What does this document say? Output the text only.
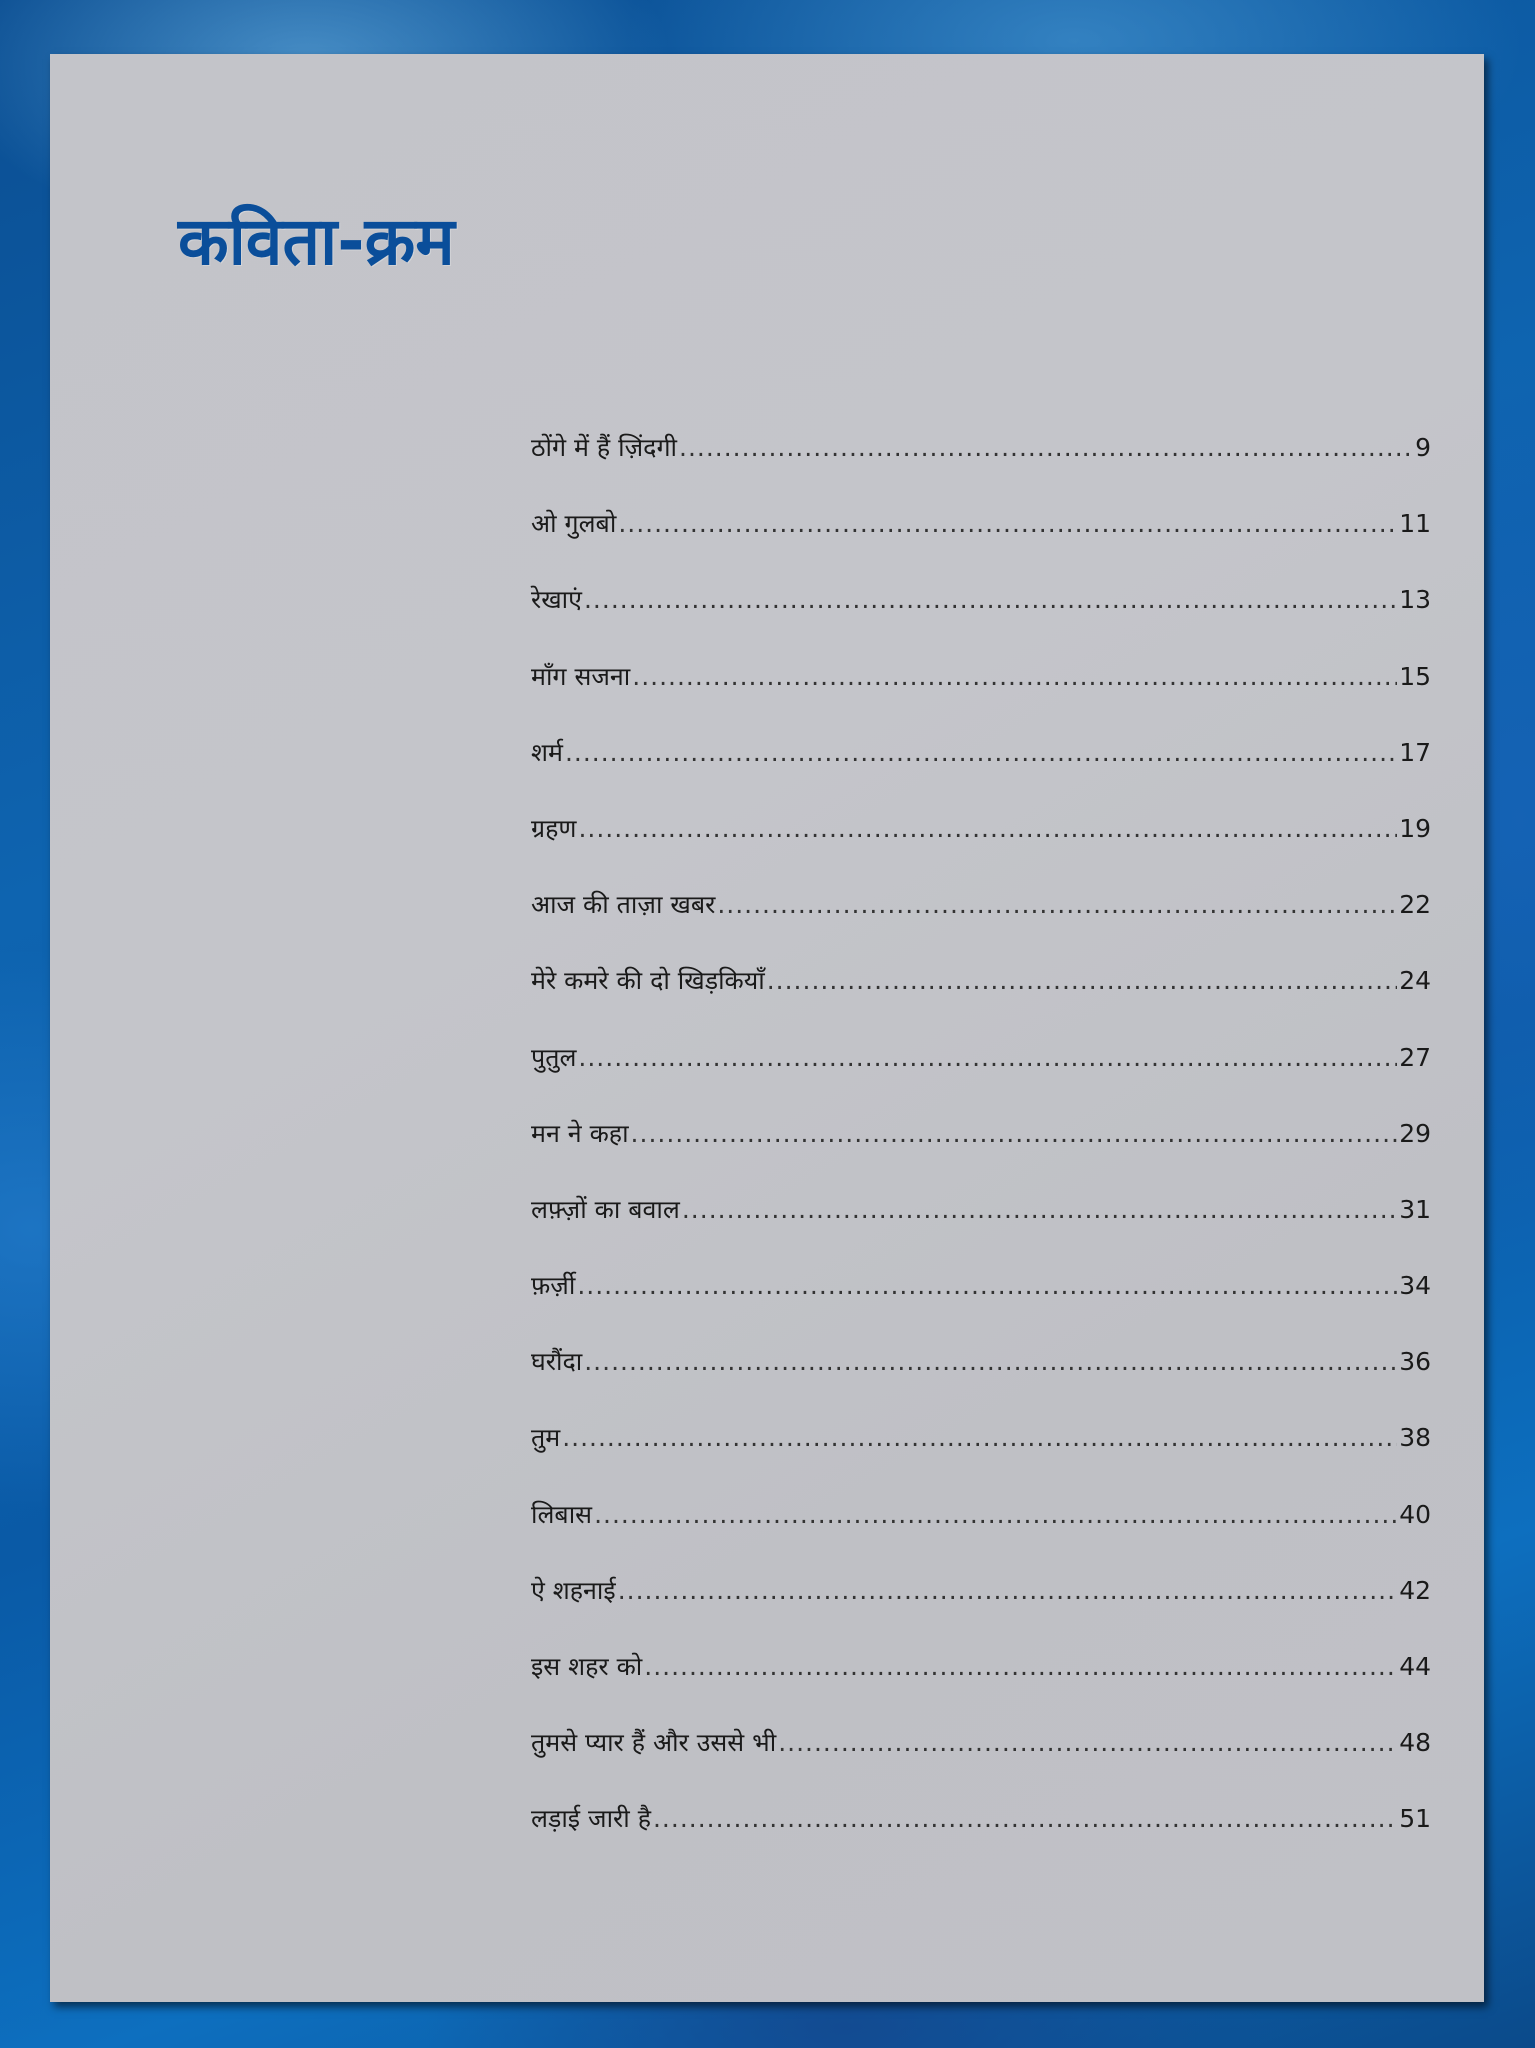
कविता-क्रम
ठोंगे में हैं ज़िंदगी .....	9
ओ गुलबो .....	11
रेखाएं .....	13
माँग सजना .....	15
शर्म .....	17
ग्रहण .....	19
आज की ताज़ा खबर .....	22
मेरे कमरे की दो खिड़कियाँ .....	24
पुतुल .....	27
मन ने कहा .....	29
लफ़्ज़ों का बवाल .....	31
फ़र्ज़ी .....	34
घरौंदा .....	36
तुम .....	38
लिबास .....	40
ऐ शहनाई .....	42
इस शहर को .....	44
तुमसे प्यार हैं और उससे भी .....	48
लड़ाई जारी है .....	51
